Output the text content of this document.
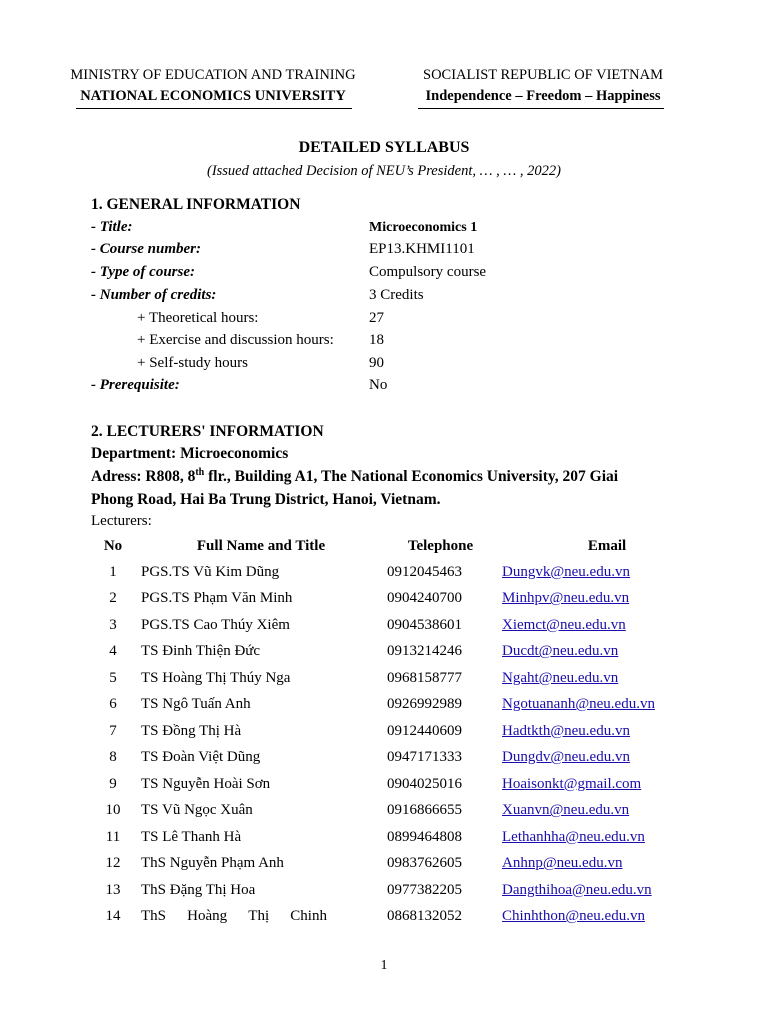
MINISTRY OF EDUCATION AND TRAINING
NATIONAL ECONOMICS UNIVERSITY
SOCIALIST REPUBLIC OF VIETNAM
Independence – Freedom – Happiness
DETAILED SYLLABUS
(Issued attached Decision of NEU’s President, … , … , 2022)
1. GENERAL INFORMATION
- Title:	Microeconomics 1
- Course number:	EP13.KHMI1101
- Type of course:	Compulsory course
- Number of credits:	3 Credits
+ Theoretical hours:	27
+ Exercise and discussion hours: 18
+ Self-study hours	90
- Prerequisite:	No
2. LECTURERS' INFORMATION
Department: Microeconomics
Adress: R808, 8th flr., Building A1, The National Economics University, 207 Giai
Phong Road, Hai Ba Trung District, Hanoi, Vietnam.
Lecturers:
No	Full Name and Title	Telephone	Email
1	PGS.TS Vũ Kim Dũng	0912045463	Dungvk@neu.edu.vn
2	PGS.TS Phạm Văn Minh	0904240700	Minhpv@neu.edu.vn
3	PGS.TS Cao Thúy Xiêm	0904538601	Xiemct@neu.edu.vn
4	TS Đinh Thiện Đức	0913214246	Ducdt@neu.edu.vn
5	TS Hoàng Thị Thúy Nga	0968158777	Ngaht@neu.edu.vn
6	TS Ngô Tuấn Anh	0926992989	Ngotuananh@neu.edu.vn
7	TS Đồng Thị Hà	0912440609	Hadtkth@neu.edu.vn
8	TS Đoàn Việt Dũng	0947171333	Dungdv@neu.edu.vn
9	TS Nguyễn Hoài Sơn	0904025016	Hoaisonkt@gmail.com
10	TS Vũ Ngọc Xuân	0916866655	Xuanvn@neu.edu.vn
11	TS Lê Thanh Hà	0899464808	Lethanhha@neu.edu.vn
12	ThS Nguyễn Phạm Anh	0983762605	Anhnp@neu.edu.vn
13	ThS Đặng Thị Hoa	0977382205	Dangthihoa@neu.edu.vn
14	ThS Hoàng Thị Chinh	0868132052	Chinhthon@neu.edu.vn
1
